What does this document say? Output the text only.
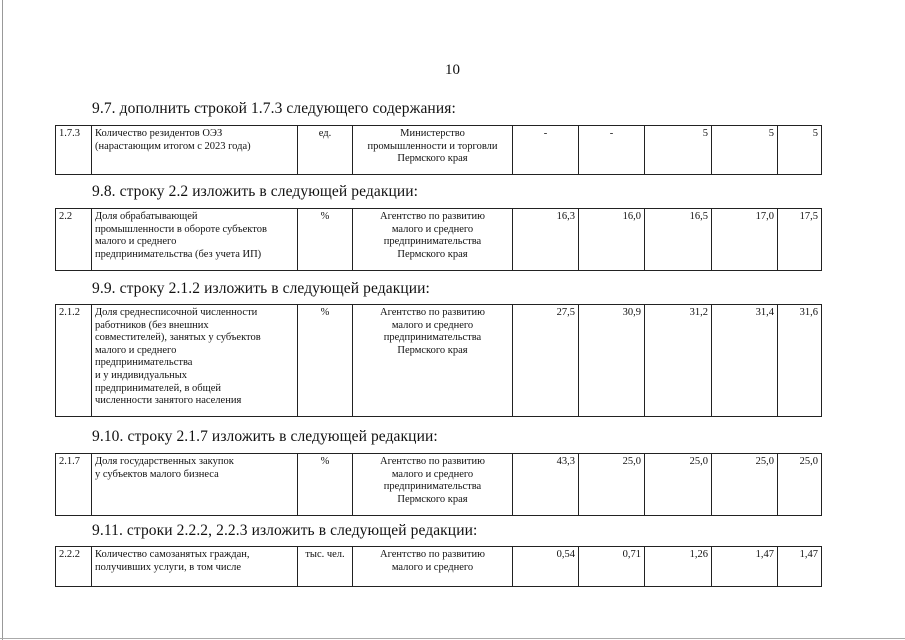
10
9.7. дополнить строкой 1.7.3 следующего содержания:
1.7.3	Количество резидентов ОЭЗ
(нарастающим итогом с 2023 года)	ед.	Министерство
промышленности и торговли
Пермского края	-	-	5	5	5
9.8. строку 2.2 изложить в следующей редакции:
2.2	Доля обрабатывающей
промышленности в обороте субъектов
малого и среднего
предпринимательства (без учета ИП)	%	Агентство по развитию
малого и среднего
предпринимательства
Пермского края	16,3	16,0	16,5	17,0	17,5
9.9. строку 2.1.2 изложить в следующей редакции:
2.1.2	Доля среднесписочной численности
работников (без внешних
совместителей), занятых у субъектов
малого и среднего
предпринимательства
и у индивидуальных
предпринимателей, в общей
численности занятого населения	%	Агентство по развитию
малого и среднего
предпринимательства
Пермского края	27,5	30,9	31,2	31,4	31,6
9.10. строку 2.1.7 изложить в следующей редакции:
2.1.7	Доля государственных закупок
у субъектов малого бизнеса	%	Агентство по развитию
малого и среднего
предпринимательства
Пермского края	43,3	25,0	25,0	25,0	25,0
9.11. строки 2.2.2, 2.2.3 изложить в следующей редакции:
2.2.2	Количество самозанятых граждан,
получивших услуги, в том числе	тыс. чел.	Агентство по развитию
малого и среднего	0,54	0,71	1,26	1,47	1,47
